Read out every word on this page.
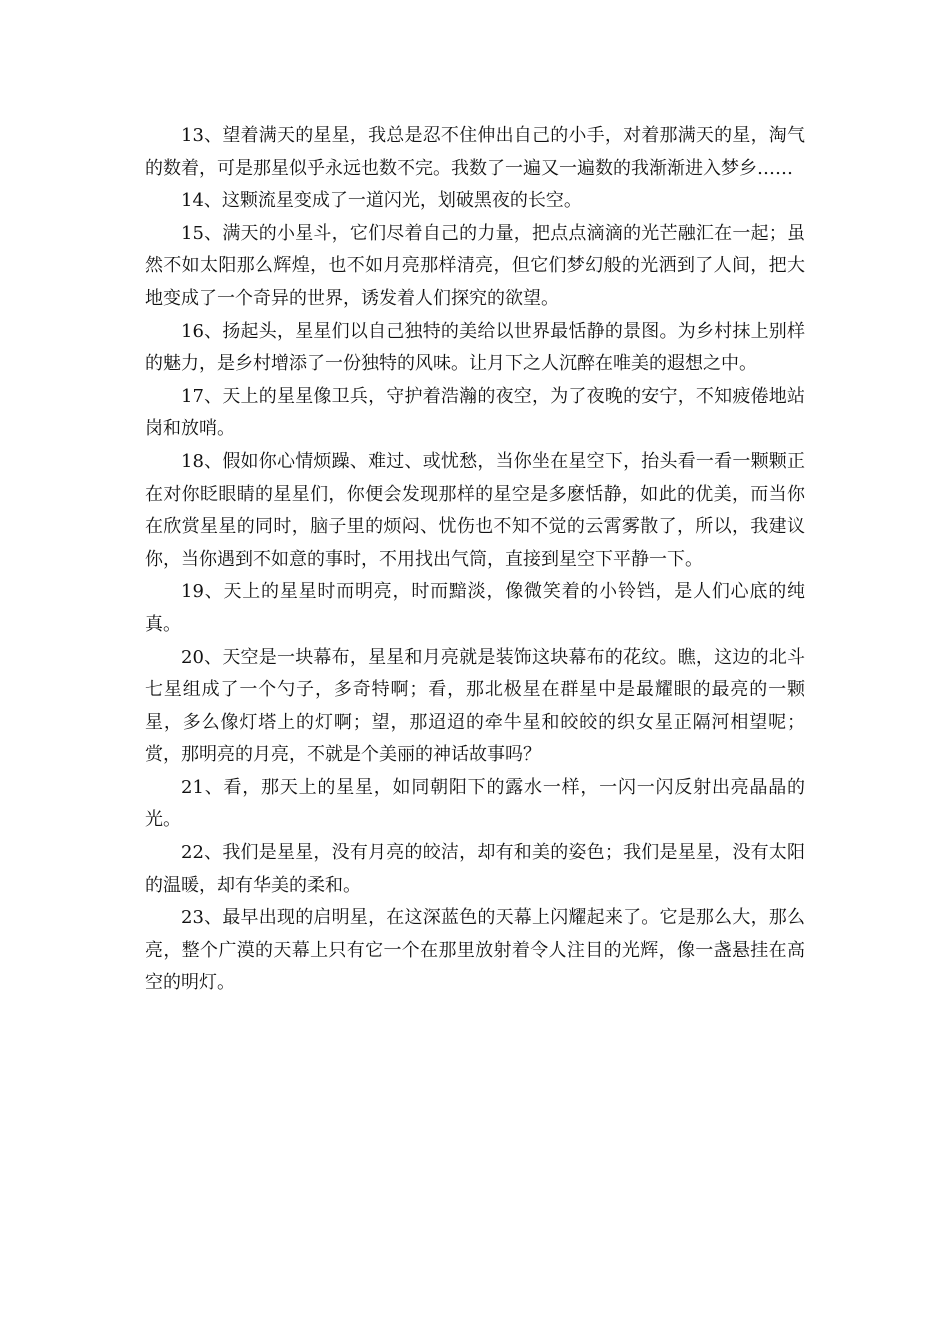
13、望着满天的星星，我总是忍不住伸出自己的小手，对着那满天的星，淘气的数着，可是那星似乎永远也数不完。我数了一遍又一遍数的我渐渐进入梦乡……

14、这颗流星变成了一道闪光，划破黑夜的长空。

15、满天的小星斗，它们尽着自己的力量，把点点滴滴的光芒融汇在一起；虽然不如太阳那么辉煌，也不如月亮那样清亮，但它们梦幻般的光洒到了人间，把大地变成了一个奇异的世界，诱发着人们探究的欲望。

16、扬起头，星星们以自己独特的美给以世界最恬静的景图。为乡村抹上别样的魅力，是乡村增添了一份独特的风味。让月下之人沉醉在唯美的遐想之中。

17、天上的星星像卫兵，守护着浩瀚的夜空，为了夜晚的安宁，不知疲倦地站岗和放哨。

18、假如你心情烦躁、难过、或忧愁，当你坐在星空下，抬头看一看一颗颗正在对你眨眼睛的星星们，你便会发现那样的星空是多麽恬静，如此的优美，而当你在欣赏星星的同时，脑子里的烦闷、忧伤也不知不觉的云霄雾散了，所以，我建议你，当你遇到不如意的事时，不用找出气筒，直接到星空下平静一下。

19、天上的星星时而明亮，时而黯淡，像微笑着的小铃铛，是人们心底的纯真。

20、天空是一块幕布，星星和月亮就是装饰这块幕布的花纹。瞧，这边的北斗七星组成了一个勺子，多奇特啊；看，那北极星在群星中是最耀眼的最亮的一颗星，多么像灯塔上的灯啊；望，那迢迢的牵牛星和皎皎的织女星正隔河相望呢；赏，那明亮的月亮，不就是个美丽的神话故事吗？

21、看，那天上的星星，如同朝阳下的露水一样，一闪一闪反射出亮晶晶的光。

22、我们是星星，没有月亮的皎洁，却有和美的姿色；我们是星星，没有太阳的温暖，却有华美的柔和。

23、最早出现的启明星，在这深蓝色的天幕上闪耀起来了。它是那么大，那么亮，整个广漠的天幕上只有它一个在那里放射着令人注目的光辉，像一盏悬挂在高空的明灯。
